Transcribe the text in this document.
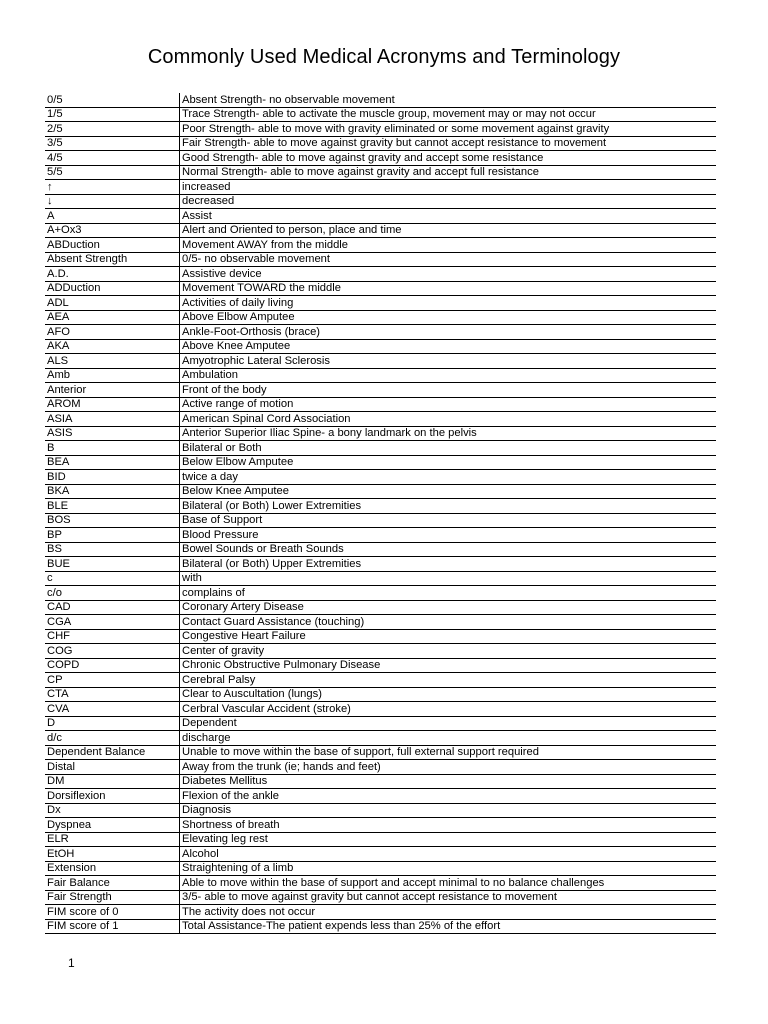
Commonly Used Medical Acronyms and Terminology
0/5	Absent Strength- no observable movement
1/5	Trace Strength- able to activate the muscle group, movement may or may not occur
2/5	Poor Strength- able to move with gravity eliminated or some movement against gravity
3/5	Fair Strength- able to move against gravity but cannot accept resistance to movement
4/5	Good Strength- able to move against gravity and accept some resistance
5/5	Normal Strength- able to move against gravity and accept full resistance
↑	increased
↓	decreased
A	Assist
A+Ox3	Alert and Oriented to person, place and time
ABDuction	Movement AWAY from the middle
Absent Strength	0/5- no observable movement
A.D.	Assistive device
ADDuction	Movement TOWARD the middle
ADL	Activities of daily living
AEA	Above Elbow Amputee
AFO	Ankle-Foot-Orthosis (brace)
AKA	Above Knee Amputee
ALS	Amyotrophic Lateral Sclerosis
Amb	Ambulation
Anterior	Front of the body
AROM	Active range of motion
ASIA	American Spinal Cord Association
ASIS	Anterior Superior Iliac Spine- a bony landmark on the pelvis
B	Bilateral or Both
BEA	Below Elbow Amputee
BID	twice a day
BKA	Below Knee Amputee
BLE	Bilateral (or Both) Lower Extremities
BOS	Base of Support
BP	Blood Pressure
BS	Bowel Sounds or Breath Sounds
BUE	Bilateral (or Both) Upper Extremities
c	with
c/o	complains of
CAD	Coronary Artery Disease
CGA	Contact Guard Assistance (touching)
CHF	Congestive Heart Failure
COG	Center of gravity
COPD	Chronic Obstructive Pulmonary Disease
CP	Cerebral Palsy
CTA	Clear to Auscultation (lungs)
CVA	Cerbral Vascular Accident (stroke)
D	Dependent
d/c	discharge
Dependent Balance	Unable to move within the base of support, full external support required
Distal	Away from the trunk (ie; hands and feet)
DM	Diabetes Mellitus
Dorsiflexion	Flexion of the ankle
Dx	Diagnosis
Dyspnea	Shortness of breath
ELR	Elevating leg rest
EtOH	Alcohol
Extension	Straightening of a limb
Fair Balance	Able to move within the base of support and accept minimal to no balance challenges
Fair Strength	3/5- able to move against gravity but cannot accept resistance to movement
FIM score of 0	The activity does not occur
FIM score of 1	Total Assistance-The patient expends less than 25% of the effort
1
